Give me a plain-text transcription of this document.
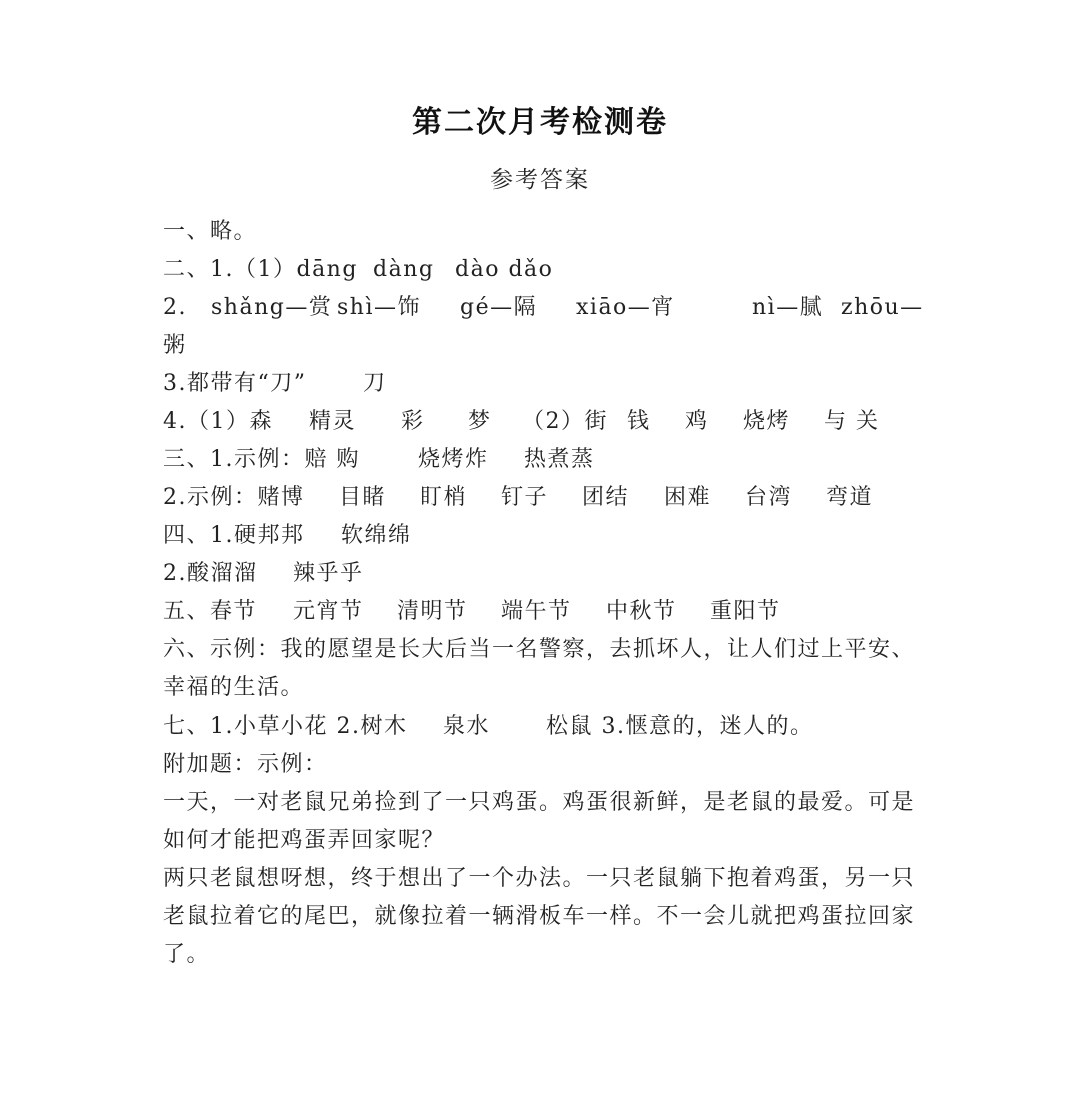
第二次月考检测卷
参考答案
一、略。
二、1.（1）dāng dàng dào dǎo
2. shǎng—赏 shì—饰 gé—隔 xiāo—宵	nì—腻 zhōu—
粥
3.都带有“刀”	刀
4.（1）森 精灵 彩 梦 （2）街 钱 鸡 烧烤 与 关
三、1.示例：赔 购	烧烤炸 热煮蒸
2.示例：赌博 目睹 盯梢 钉子 团结 困难 台湾 弯道
四、1.硬邦邦 软绵绵
2.酸溜溜 辣乎乎
五、春节 元宵节 清明节 端午节 中秋节 重阳节
六、示例：我的愿望是长大后当一名警察，去抓坏人，让人们过上平安、
幸福的生活。
七、1.小草小花 2.树木 泉水	松鼠 3.惬意的，迷人的。
附加题：示例：
一天，一对老鼠兄弟捡到了一只鸡蛋。鸡蛋很新鲜，是老鼠的最爱。可是
如何才能把鸡蛋弄回家呢？
两只老鼠想呀想，终于想出了一个办法。一只老鼠躺下抱着鸡蛋，另一只
老鼠拉着它的尾巴，就像拉着一辆滑板车一样。不一会儿就把鸡蛋拉回家
了。
